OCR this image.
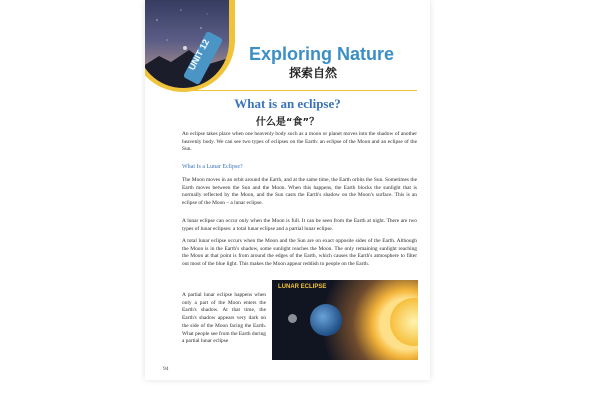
UNIT 12 Exploring Nature
探索自然
What is an eclipse?
什么是“食”？
An eclipse takes place when one heavenly body such as a moon or planet moves into the shadow of another heavenly body. We can see two types of eclipses on the Earth: an eclipse of the Moon and an eclipse of the Sun.
What Is a Lunar Eclipse?
The Moon moves in an orbit around the Earth, and at the same time, the Earth orbits the Sun. Sometimes the Earth moves between the Sun and the Moon. When this happens, the Earth blocks the sunlight that is normally reflected by the Moon, and the Sun casts the Earth's shadow on the Moon's surface. This is an eclipse of the Moon – a lunar eclipse.
A lunar eclipse can occur only when the Moon is full. It can be seen from the Earth at night. There are two types of lunar eclipses: a total lunar eclipse and a partial lunar eclipse.
A total lunar eclipse occurs when the Moon and the Sun are on exact opposite sides of the Earth. Although the Moon is in the Earth's shadow, some sunlight reaches the Moon. The only remaining sunlight reaching the Moon at that point is from around the edges of the Earth, which causes the Earth's atmosphere to filter out most of the blue light. This makes the Moon appear reddish to people on the Earth.
A partial lunar eclipse happens when only a part of the Moon enters the Earth's shadow. At that time, the Earth's shadow appears very dark on the side of the Moon facing the Earth. What people see from the Earth during a partial lunar eclipse
LUNAR ECLIPSE
94
